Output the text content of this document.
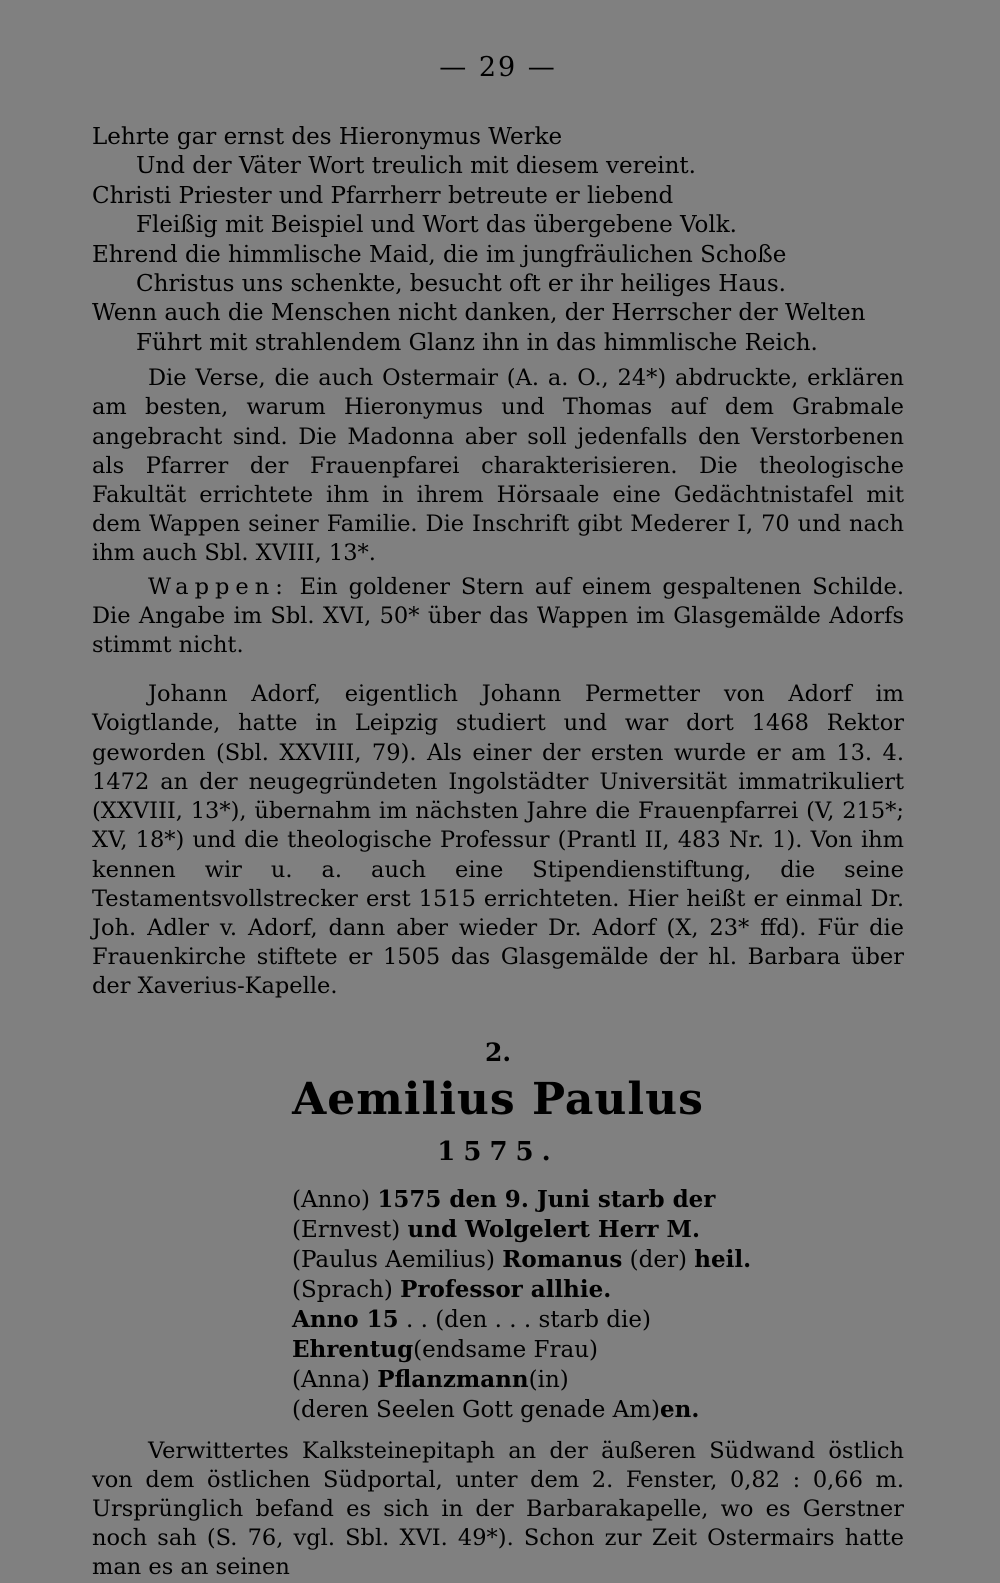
— 29 —

Lehrte gar ernst des Hieronymus Werke

Und der Väter Wort treulich mit diesem vereint.

Christi Priester und Pfarrherr betreute er liebend

Fleißig mit Beispiel und Wort das übergebene Volk.

Ehrend die himmlische Maid, die im jungfräulichen Schoße

Christus uns schenkte, besucht oft er ihr heiliges Haus.

Wenn auch die Menschen nicht danken, der Herrscher der Welten

Führt mit strahlendem Glanz ihn in das himmlische Reich.

Die Verse, die auch Ostermair (A. a. O., 24*) abdruckte, erklären am besten, warum Hieronymus und Thomas auf dem Grabmale angebracht sind. Die Madonna aber soll jedenfalls den Verstorbenen als Pfarrer der Frauenpfarei charakterisieren. Die theologische Fakultät errichtete ihm in ihrem Hörsaale eine Gedächtnistafel mit dem Wappen seiner Familie. Die Inschrift gibt Mederer I, 70 und nach ihm auch Sbl. XVIII, 13*.

Wappen: Ein goldener Stern auf einem gespaltenen Schilde. Die Angabe im Sbl. XVI, 50* über das Wappen im Glasgemälde Adorfs stimmt nicht.

Johann Adorf, eigentlich Johann Permetter von Adorf im Voigtlande, hatte in Leipzig studiert und war dort 1468 Rektor geworden (Sbl. XXVIII, 79). Als einer der ersten wurde er am 13. 4. 1472 an der neugegründeten Ingolstädter Universität immatrikuliert (XXVIII, 13*), übernahm im nächsten Jahre die Frauenpfarrei (V, 215*; XV, 18*) und die theologische Professur (Prantl II, 483 Nr. 1). Von ihm kennen wir u. a. auch eine Stipendienstiftung, die seine Testamentsvollstrecker erst 1515 errichteten. Hier heißt er einmal Dr. Joh. Adler v. Adorf, dann aber wieder Dr. Adorf (X, 23* ffd). Für die Frauenkirche stiftete er 1505 das Glasgemälde der hl. Barbara über der Xaverius-Kapelle.

2.
Aemilius Paulus
1575.
(Anno) 1575 den 9. Juni starb der
(Ernvest) und Wolgelert Herr M.
(Paulus Aemilius) Romanus (der) heil.
(Sprach) Professor allhie.
Anno 15 . . (den . . . starb die)
Ehrentug(endsame Frau)
(Anna) Pflanzmann(in)
(deren Seelen Gott genade Am)en.

Verwittertes Kalksteinepitaph an der äußeren Südwand östlich von dem östlichen Südportal, unter dem 2. Fenster, 0,82 : 0,66 m. Ursprünglich befand es sich in der Barbarakapelle, wo es Gerstner noch sah (S. 76, vgl. Sbl. XVI. 49*). Schon zur Zeit Ostermairs hatte man es an seinen
